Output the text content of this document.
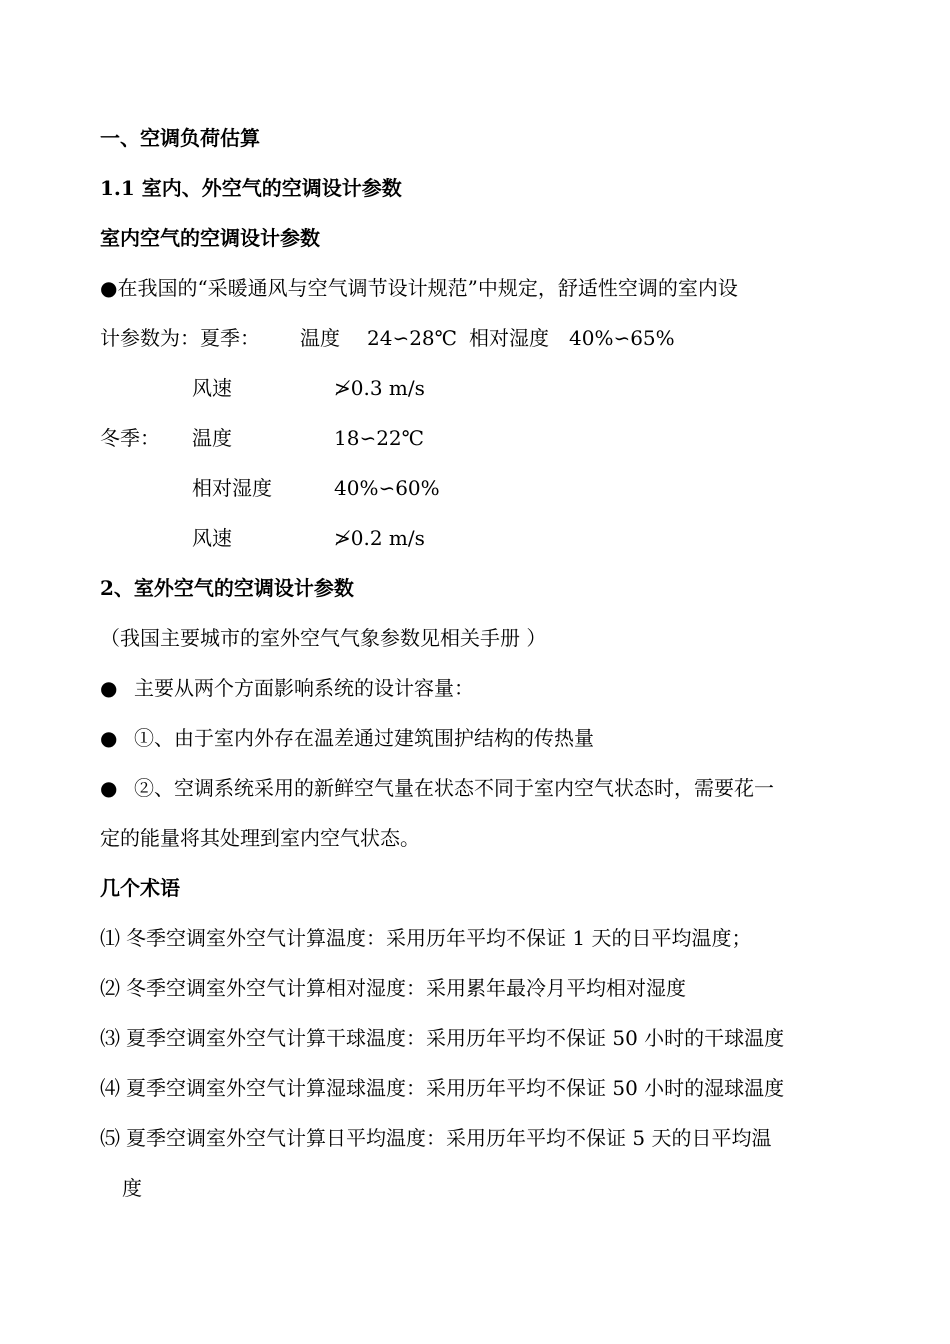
一、空调负荷估算
1.1 室内、外空气的空调设计参数
室内空气的空调设计参数
●在我国的“采暖通风与空气调节设计规范”中规定，舒适性空调的室内设
计参数为：夏季： 温度 24∽28℃ 相对湿度 40%∽65%
风速	≯0.3 m/s
冬季： 温度	18∽22℃
相对湿度	40%∽60%
风速	≯0.2 m/s
2、室外空气的空调设计参数
（我国主要城市的室外空气气象参数见相关手册 ）
● 主要从两个方面影响系统的设计容量：
● ①、由于室内外存在温差通过建筑围护结构的传热量
● ②、空调系统采用的新鲜空气量在状态不同于室内空气状态时，需要花一
定的能量将其处理到室内空气状态。
几个术语
⑴ 冬季空调室外空气计算温度：采用历年平均不保证 1 天的日平均温度；
⑵ 冬季空调室外空气计算相对湿度：采用累年最冷月平均相对湿度
⑶ 夏季空调室外空气计算干球温度：采用历年平均不保证 50 小时的干球温度
⑷ 夏季空调室外空气计算湿球温度：采用历年平均不保证 50 小时的湿球温度
⑸ 夏季空调室外空气计算日平均温度：采用历年平均不保证 5 天的日平均温
度
